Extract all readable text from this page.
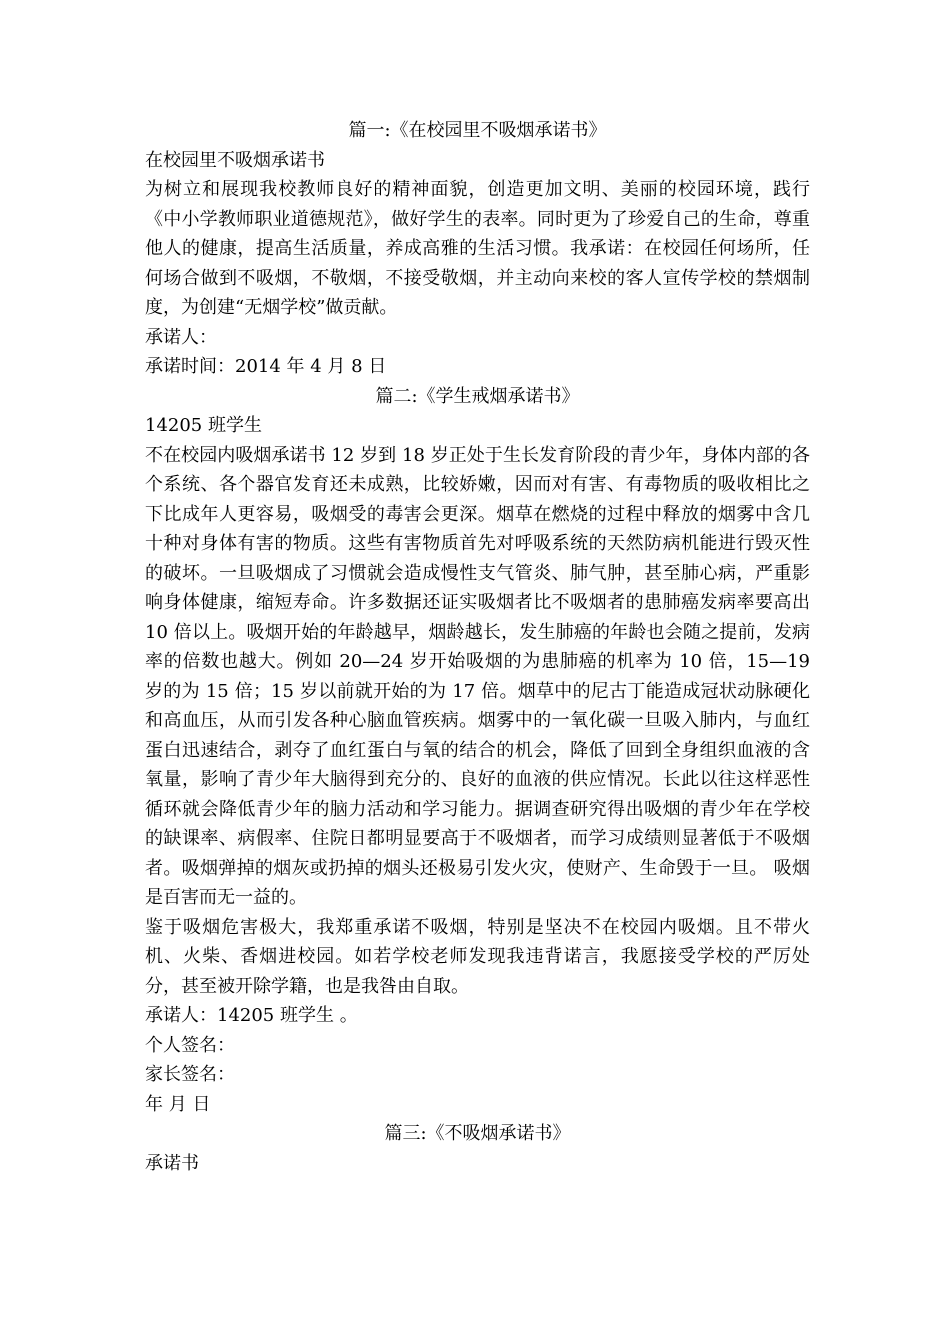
篇一:《在校园里不吸烟承诺书》

在校园里不吸烟承诺书

为树立和展现我校教师良好的精神面貌，创造更加文明、美丽的校园环境，践行《中小学教师职业道德规范》，做好学生的表率。同时更为了珍爱自己的生命，尊重他人的健康，提高生活质量，养成高雅的生活习惯。我承诺：在校园任何场所，任何场合做到不吸烟，不敬烟，不接受敬烟，并主动向来校的客人宣传学校的禁烟制度，为创建“无烟学校”做贡献。

承诺人：

承诺时间：2014 年 4 月 8 日

篇二:《学生戒烟承诺书》

14205 班学生

不在校园内吸烟承诺书 12 岁到 18 岁正处于生长发育阶段的青少年，身体内部的各个系统、各个器官发育还未成熟，比较娇嫩，因而对有害、有毒物质的吸收相比之下比成年人更容易，吸烟受的毒害会更深。烟草在燃烧的过程中释放的烟雾中含几十种对身体有害的物质。这些有害物质首先对呼吸系统的天然防病机能进行毁灭性的破坏。一旦吸烟成了习惯就会造成慢性支气管炎、肺气肿，甚至肺心病，严重影响身体健康，缩短寿命。许多数据还证实吸烟者比不吸烟者的患肺癌发病率要高出 10 倍以上。吸烟开始的年龄越早，烟龄越长，发生肺癌的年龄也会随之提前，发病率的倍数也越大。例如 20—24 岁开始吸烟的为患肺癌的机率为 10 倍，15—19 岁的为 15 倍；15 岁以前就开始的为 17 倍。烟草中的尼古丁能造成冠状动脉硬化和高血压，从而引发各种心脑血管疾病。烟雾中的一氧化碳一旦吸入肺内，与血红蛋白迅速结合，剥夺了血红蛋白与氧的结合的机会，降低了回到全身组织血液的含氧量，影响了青少年大脑得到充分的、良好的血液的供应情况。长此以往这样恶性循环就会降低青少年的脑力活动和学习能力。据调查研究得出吸烟的青少年在学校的缺课率、病假率、住院日都明显要高于不吸烟者，而学习成绩则显著低于不吸烟者。吸烟弹掉的烟灰或扔掉的烟头还极易引发火灾，使财产、生命毁于一旦。 吸烟是百害而无一益的。

鉴于吸烟危害极大，我郑重承诺不吸烟，特别是坚决不在校园内吸烟。且不带火机、火柴、香烟进校园。如若学校老师发现我违背诺言，我愿接受学校的严厉处分，甚至被开除学籍，也是我咎由自取。

承诺人：14205 班学生 。

个人签名：

家长签名：

年 月 日

篇三:《不吸烟承诺书》

承诺书
